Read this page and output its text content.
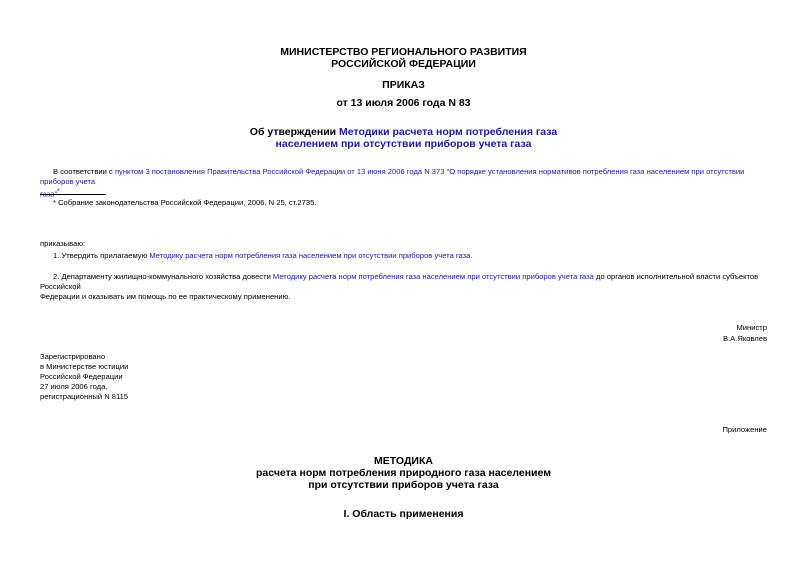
МИНИСТЕРСТВО РЕГИОНАЛЬНОГО РАЗВИТИЯ
РОССИЙСКОЙ ФЕДЕРАЦИИ
ПРИКАЗ
от 13 июля 2006 года N 83
Об утверждении Методики расчета норм потребления газа
населением при отсутствии приборов учета газа
В соответствии с пунктом 3 постановления Правительства Российской Федерации от 13 июня 2006 года N 373 "О порядке установления нормативов потребления газа населением при отсутствии приборов учета
газа"*
* Собрание законодательства Российской Федерации, 2006, N 25, ст.2735.
приказываю:
1. Утвердить прилагаемую Методику расчета норм потребления газа населением при отсутствии приборов учета газа.
2. Департаменту жилищно-коммунального хозяйства довести Методику расчета норм потребления газа населением при отсутствии приборов учета газа до органов исполнительной власти субъектов Российской
Федерации и оказывать им помощь по ее практическому применению.
Министр
В.А.Яковлев
Зарегистрировано
в Министерстве юстиции
Российской Федерации
27 июля 2006 года,
регистрационный N 8115
Приложение
МЕТОДИКА
расчета норм потребления природного газа населением
при отсутствии приборов учета газа
I. Область применения
